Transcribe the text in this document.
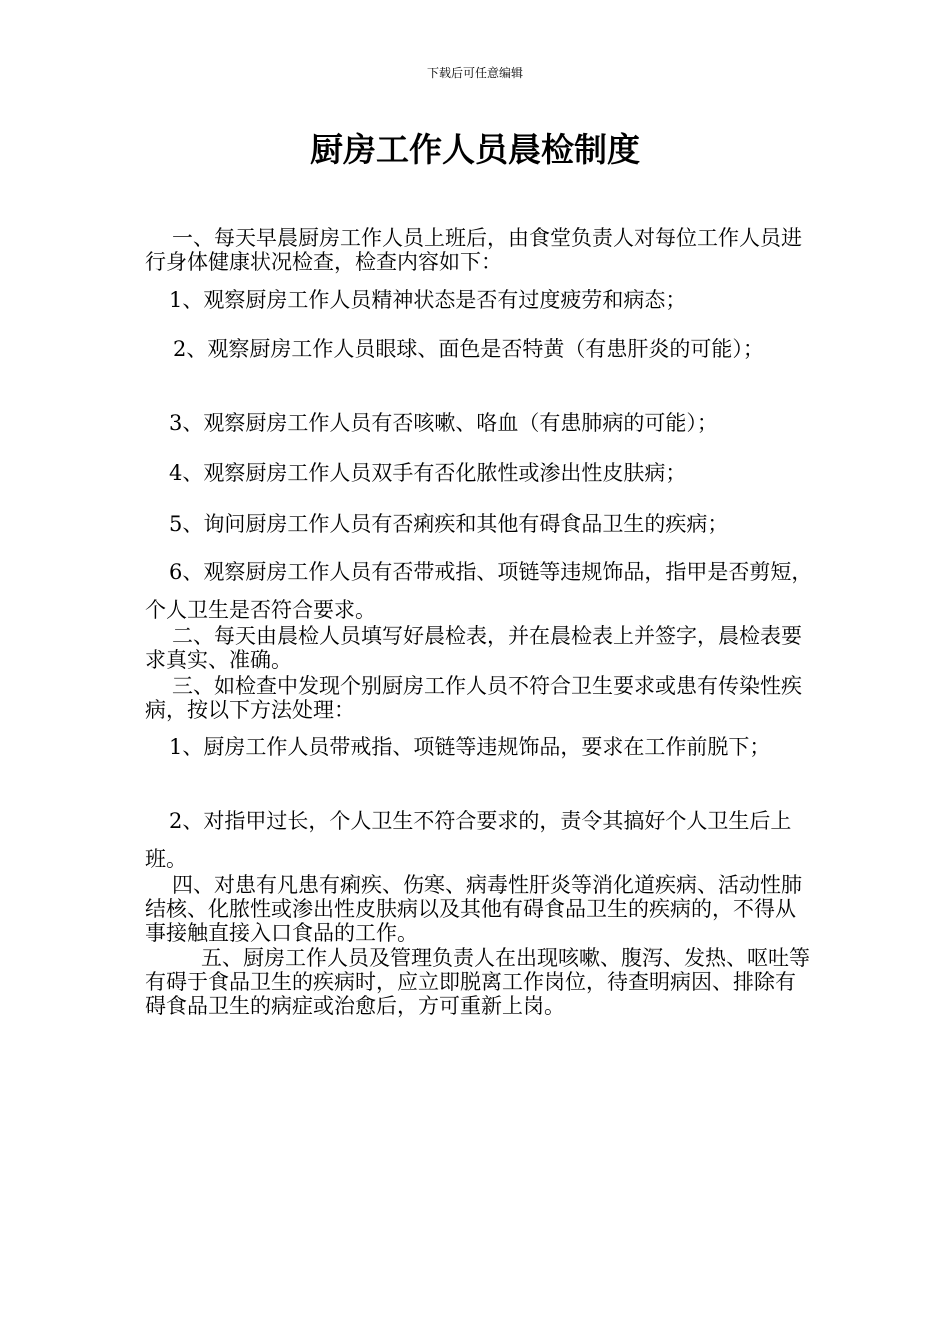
下载后可任意编辑
厨房工作人员晨检制度

一、每天早晨厨房工作人员上班后，由食堂负责人对每位工作人员进行身体健康状况检查，检查内容如下：

1、观察厨房工作人员精神状态是否有过度疲劳和病态；

2、观察厨房工作人员眼球、面色是否特黄（有患肝炎的可能）；

3、观察厨房工作人员有否咳嗽、咯血（有患肺病的可能）；

4、观察厨房工作人员双手有否化脓性或渗出性皮肤病；

5、询问厨房工作人员有否痢疾和其他有碍食品卫生的疾病；

6、观察厨房工作人员有否带戒指、项链等违规饰品，指甲是否剪短，个人卫生是否符合要求。

二、每天由晨检人员填写好晨检表，并在晨检表上并签字，晨检表要求真实、准确。

三、如检查中发现个别厨房工作人员不符合卫生要求或患有传染性疾病，按以下方法处理：

1、厨房工作人员带戒指、项链等违规饰品，要求在工作前脱下；

2、对指甲过长，个人卫生不符合要求的，责令其搞好个人卫生后上班。

四、对患有凡患有痢疾、伤寒、病毒性肝炎等消化道疾病、活动性肺结核、化脓性或渗出性皮肤病以及其他有碍食品卫生的疾病的，不得从事接触直接入口食品的工作。

五、厨房工作人员及管理负责人在出现咳嗽、腹泻、发热、呕吐等有碍于食品卫生的疾病时，应立即脱离工作岗位，待查明病因、排除有碍食品卫生的病症或治愈后，方可重新上岗。
